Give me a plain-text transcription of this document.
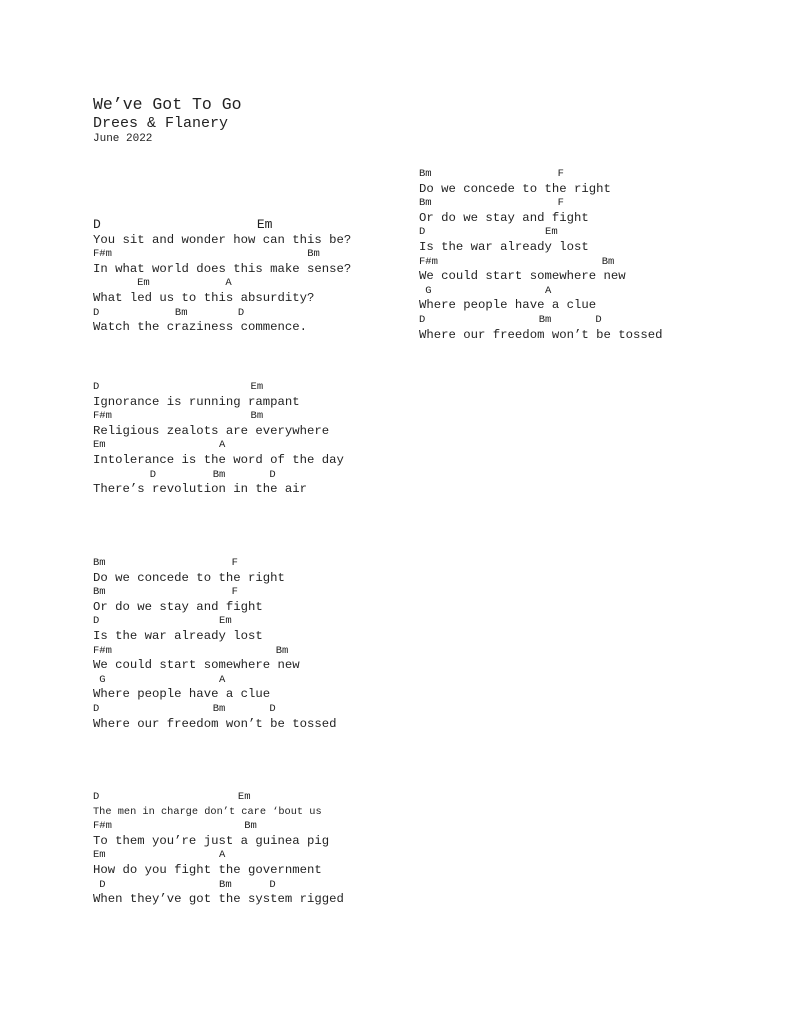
We’ve Got To Go
Drees & Flanery
June 2022
D                    Em
You sit and wonder how can this be?
F#m                               Bm
In what world does this make sense?
Em            A
What led us to this absurdity?
D            Bm        D
Watch the craziness commence.
D                        Em
Ignorance is running rampant
F#m                      Bm
Religious zealots are everywhere
Em                  A
Intolerance is the word of the day
D         Bm       D
There’s revolution in the air
Bm                    F
Do we concede to the right
Bm                    F
Or do we stay and fight
D                   Em
Is the war already lost
F#m                          Bm
We could start somewhere new
G                  A
Where people have a clue
D                  Bm       D
Where our freedom won’t be tossed
D                      Em
The men in charge don’t care ‘bout us
F#m                     Bm
To them you’re just a guinea pig
Em                  A
How do you fight the government
D                  Bm      D
When they’ve got the system rigged
Bm                    F
Do we concede to the right
Bm                    F
Or do we stay and fight
D                   Em
Is the war already lost
F#m                          Bm
We could start somewhere new
G                  A
Where people have a clue
D                  Bm       D
Where our freedom won’t be tossed
